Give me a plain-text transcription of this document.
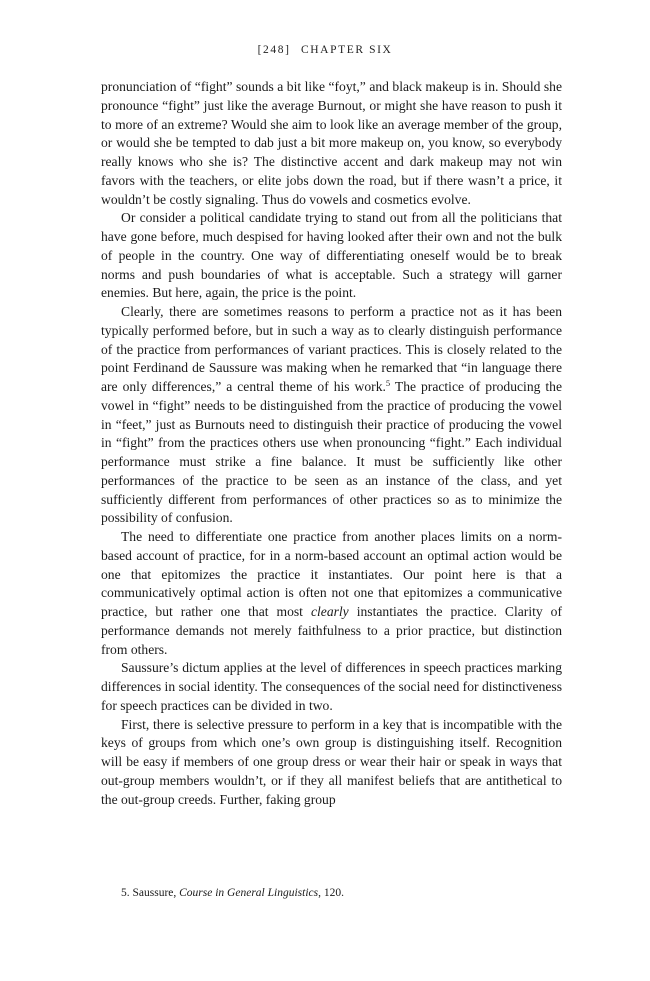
[248] CHAPTER SIX

pronunciation of “fight” sounds a bit like “foyt,” and black makeup is in. Should she pronounce “fight” just like the average Burnout, or might she have reason to push it to more of an extreme? Would she aim to look like an average member of the group, or would she be tempted to dab just a bit more makeup on, you know, so everybody really knows who she is? The distinctive accent and dark makeup may not win favors with the teachers, or elite jobs down the road, but if there wasn’t a price, it wouldn’t be costly signaling. Thus do vowels and cosmetics evolve.

Or consider a political candidate trying to stand out from all the politicians that have gone before, much despised for having looked after their own and not the bulk of people in the country. One way of differentiating oneself would be to break norms and push boundaries of what is acceptable. Such a strategy will garner enemies. But here, again, the price is the point.

Clearly, there are sometimes reasons to perform a practice not as it has been typically performed before, but in such a way as to clearly distinguish performance of the practice from performances of variant practices. This is closely related to the point Ferdinand de Saussure was making when he remarked that “in language there are only differences,” a central theme of his work.$^5$ The practice of producing the vowel in “fight” needs to be distinguished from the practice of producing the vowel in “feet,” just as Burnouts need to distinguish their practice of producing the vowel in “fight” from the practices others use when pronouncing “fight.” Each individual performance must strike a fine balance. It must be sufficiently like other performances of the practice to be seen as an instance of the class, and yet sufficiently different from performances of other practices so as to minimize the possibility of confusion.

The need to differentiate one practice from another places limits on a norm-based account of practice, for in a norm-based account an optimal action would be one that epitomizes the practice it instantiates. Our point here is that a communicatively optimal action is often not one that epitomizes a communicative practice, but rather one that most clearly instantiates the practice. Clarity of performance demands not merely faithfulness to a prior practice, but distinction from others.

Saussure’s dictum applies at the level of differences in speech practices marking differences in social identity. The consequences of the social need for distinctiveness for speech practices can be divided in two.

First, there is selective pressure to perform in a key that is incompatible with the keys of groups from which one’s own group is distinguishing itself. Recognition will be easy if members of one group dress or wear their hair or speak in ways that out-group members wouldn’t, or if they all manifest beliefs that are antithetical to the out-group creeds. Further, faking group

5. Saussure, Course in General Linguistics, 120.
